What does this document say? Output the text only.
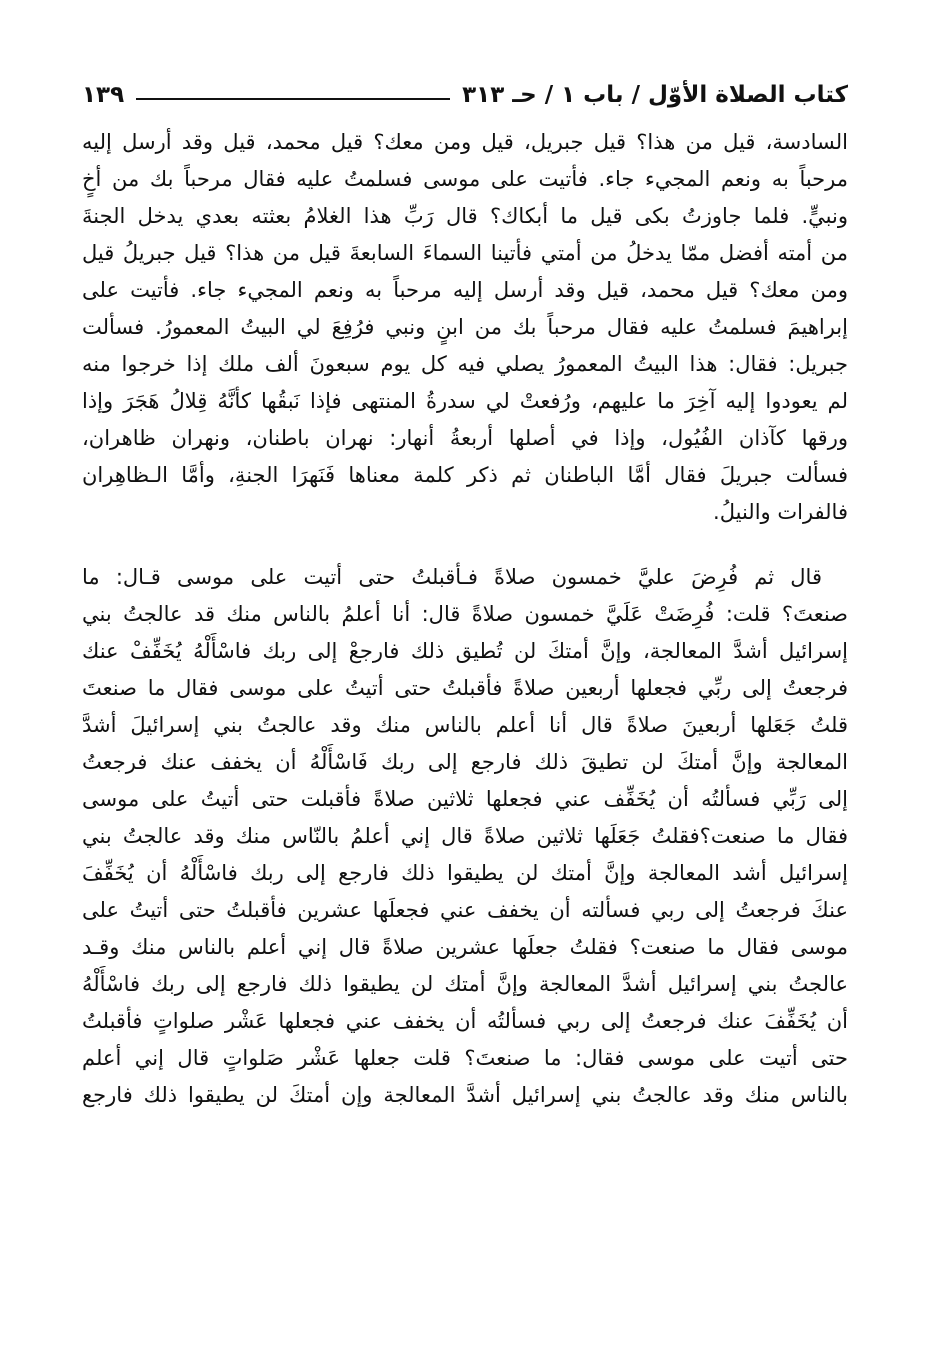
كتاب الصلاة الأوّل / باب ١ / حـ ٣١٣
١٣٩
السادسة، قيل من هذا؟ قيل جبريل، قيل ومن معك؟ قيل محمد، قيل وقد أرسل إليه
مرحباً به ونعم المجيء جاء. فأتيت على موسى فسلمتُ عليه فقال مرحباً بك من أخٍ
ونبيٍّ. فلما جاوزتُ بكى قيل ما أبكاك؟ قال رَبِّ هذا الغلامُ بعثته بعدي يدخل الجنةَ
من أمته أفضل ممّا يدخلُ من أمتي فأتينا السماءَ السابعةَ قيل من هذا؟ قيل جبريلُ قيل
ومن معك؟ قيل محمد، قيل وقد أرسل إليه مرحباً به ونعم المجيء جاء. فأتيت على
إبراهيمَ فسلمتُ عليه فقال مرحباً بك من ابنٍ ونبي فرُفِعَ لي البيتُ المعمورُ. فسألت
جبريل: فقال: هذا البيتُ المعمورُ يصلي فيه كل يوم سبعونَ ألف ملك إذا خرجوا منه
لم يعودوا إليه آخِرَ ما عليهم، ورُفعتْ لي سدرةُ المنتهى فإذا نَبقُها كأنَّهُ قِلالُ هَجَرَ وإذا
ورقها كآذان الفُيُول، وإذا في أصلها أربعةُ أنهار: نهران باطنان، ونهران ظاهران،
فسألت جبريلَ فقال أمَّا الباطنان ثم ذكر كلمة معناها فَنَهرَا الجنةِ، وأمَّا الـظاهِران
فالفرات والنيلُ.
قال ثم فُرِضَ عليَّ خمسون صلاةً فـأقبلتُ حتى أتيت على موسى قـال: ما
صنعتَ؟ قلت: فُرِضَتْ عَلَيَّ خمسون صلاةً قال: أنا أعلمُ بالناس منك قد عالجتُ بني
إسرائيل أشدَّ المعالجة، وإنَّ أمتكَ لن تُطيق ذلك فارجعْ إلى ربك فاسْأَلْهُ يُخَفِّفْ عنك
فرجعتُ إلى ربِّي فجعلها أربعين صلاةً فأقبلتُ حتى أتيتُ على موسى فقال ما صنعتَ
قلتُ جَعَلها أربعينَ صلاةً قال أنا أعلم بالناس منك وقد عالجتُ بني إسرائيلَ أشدَّ
المعالجة وإنَّ أمتكَ لن تطيقَ ذلك فارجع إلى ربك فَاسْأَلْهُ أن يخفف عنك فرجعتُ
إلى رَبِّي فسألتُه أن يُخَفِّف عني فجعلها ثلاثين صلاةً فأقبلت حتى أتيتُ على موسى
فقال ما صنعت؟فقلتُ جَعَلَها ثلاثين صلاةً قال إني أعلمُ بالنّاس منك وقد عالجتُ بني
إسرائيل أشد المعالجة وإنَّ أمتك لن يطيقوا ذلك فارجع إلى ربك فاسْأَلْهُ أن يُخَفِّفَ
عنكَ فرجعتُ إلى ربي فسألته أن يخفف عني فجعلَها عشرين فأقبلتُ حتى أتيتُ على
موسى فقال ما صنعت؟ فقلتُ جعلَها عشرين صلاةً قال إني أعلم بالناس منك وقـد
عالجتُ بني إسرائيل أشدَّ المعالجة وإنَّ أمتك لن يطيقوا ذلك فارجع إلى ربك فاسْأَلْهُ
أن يُخَفِّفَ عنك فرجعتُ إلى ربي فسألتُه أن يخفف عني فجعلها عَشْر صلواتٍ فأقبلتُ
حتى أتيت على موسى فقال: ما صنعتَ؟ قلت جعلها عَشْر صَلواتٍ قال إني أعلم
بالناس منك وقد عالجتُ بني إسرائيل أشدَّ المعالجة وإن أمتكَ لن يطيقوا ذلك فارجع
